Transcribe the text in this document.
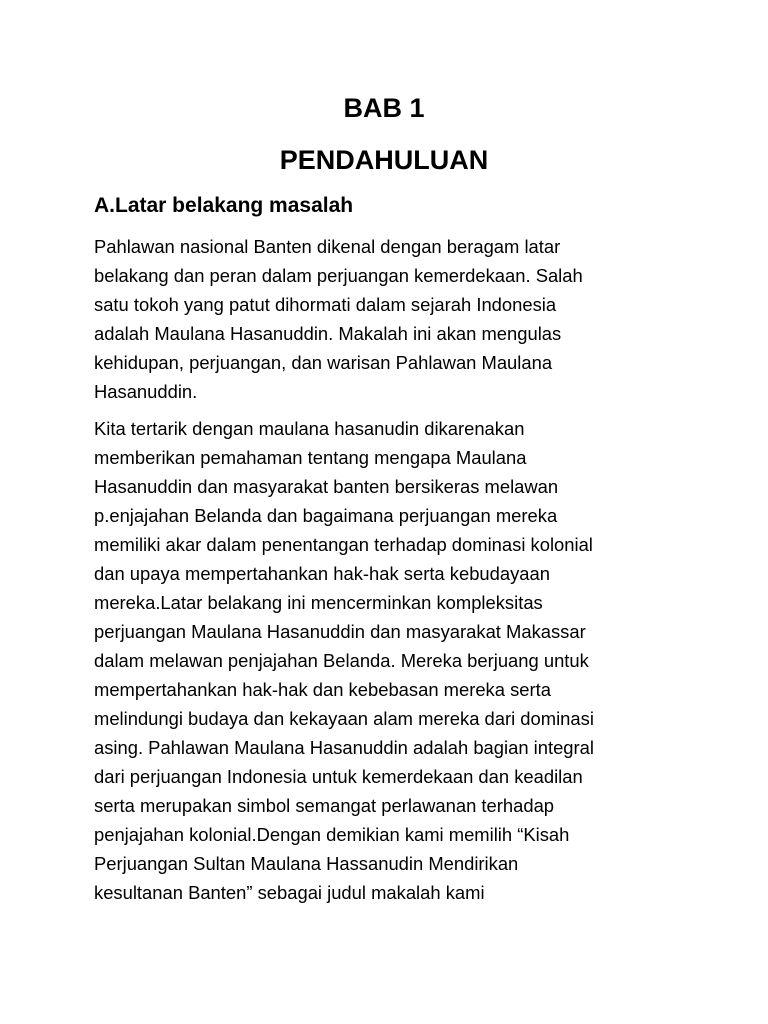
BAB 1
PENDAHULUAN
A.Latar belakang masalah

Pahlawan nasional Banten dikenal dengan beragam latar
belakang dan peran dalam perjuangan kemerdekaan. Salah
satu tokoh yang patut dihormati dalam sejarah Indonesia
adalah Maulana Hasanuddin. Makalah ini akan mengulas
kehidupan, perjuangan, dan warisan Pahlawan Maulana
Hasanuddin.

Kita tertarik dengan maulana hasanudin dikarenakan
memberikan pemahaman tentang mengapa Maulana
Hasanuddin dan masyarakat banten bersikeras melawan
p.enjajahan Belanda dan bagaimana perjuangan mereka
memiliki akar dalam penentangan terhadap dominasi kolonial
dan upaya mempertahankan hak-hak serta kebudayaan
mereka.Latar belakang ini mencerminkan kompleksitas
perjuangan Maulana Hasanuddin dan masyarakat Makassar
dalam melawan penjajahan Belanda. Mereka berjuang untuk
mempertahankan hak-hak dan kebebasan mereka serta
melindungi budaya dan kekayaan alam mereka dari dominasi
asing. Pahlawan Maulana Hasanuddin adalah bagian integral
dari perjuangan Indonesia untuk kemerdekaan dan keadilan
serta merupakan simbol semangat perlawanan terhadap
penjajahan kolonial.Dengan demikian kami memilih “Kisah
Perjuangan Sultan Maulana Hassanudin Mendirikan
kesultanan Banten” sebagai judul makalah kami
